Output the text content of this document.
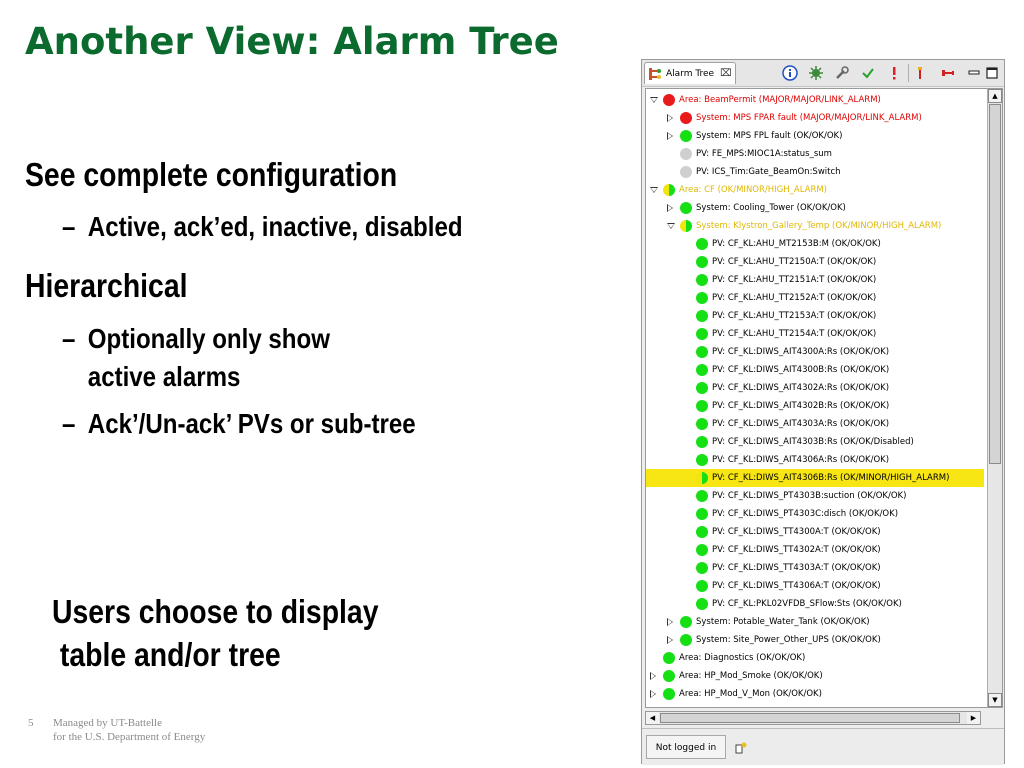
Another View: Alarm Tree
See complete configuration
– Active, ack’ed, inactive, disabled
Hierarchical
– Optionally only show
active alarms
– Ack’/Un-ack’ PVs or sub-tree
Users choose to display
table and/or tree
5 Managed by UT-Battelle
for the U.S. Department of Energy
Alarm Tree ⌧
Area: BeamPermit (MAJOR/MAJOR/LINK_ALARM)
System: MPS FPAR fault (MAJOR/MAJOR/LINK_ALARM)
System: MPS FPL fault (OK/OK/OK)
PV: FE_MPS:MIOC1A:status_sum
PV: ICS_Tim:Gate_BeamOn:Switch
Area: CF (OK/MINOR/HIGH_ALARM)
System: Cooling_Tower (OK/OK/OK)
System: Klystron_Gallery_Temp (OK/MINOR/HIGH_ALARM)
PV: CF_KL:AHU_MT2153B:M (OK/OK/OK)
PV: CF_KL:AHU_TT2150A:T (OK/OK/OK)
PV: CF_KL:AHU_TT2151A:T (OK/OK/OK)
PV: CF_KL:AHU_TT2152A:T (OK/OK/OK)
PV: CF_KL:AHU_TT2153A:T (OK/OK/OK)
PV: CF_KL:AHU_TT2154A:T (OK/OK/OK)
PV: CF_KL:DIWS_AIT4300A:Rs (OK/OK/OK)
PV: CF_KL:DIWS_AIT4300B:Rs (OK/OK/OK)
PV: CF_KL:DIWS_AIT4302A:Rs (OK/OK/OK)
PV: CF_KL:DIWS_AIT4302B:Rs (OK/OK/OK)
PV: CF_KL:DIWS_AIT4303A:Rs (OK/OK/OK)
PV: CF_KL:DIWS_AIT4303B:Rs (OK/OK/Disabled)
PV: CF_KL:DIWS_AIT4306A:Rs (OK/OK/OK)
PV: CF_KL:DIWS_AIT4306B:Rs (OK/MINOR/HIGH_ALARM)
PV: CF_KL:DIWS_PT4303B:suction (OK/OK/OK)
PV: CF_KL:DIWS_PT4303C:disch (OK/OK/OK)
PV: CF_KL:DIWS_TT4300A:T (OK/OK/OK)
PV: CF_KL:DIWS_TT4302A:T (OK/OK/OK)
PV: CF_KL:DIWS_TT4303A:T (OK/OK/OK)
PV: CF_KL:DIWS_TT4306A:T (OK/OK/OK)
PV: CF_KL:PKL02VFDB_SFlow:Sts (OK/OK/OK)
System: Potable_Water_Tank (OK/OK/OK)
System: Site_Power_Other_UPS (OK/OK/OK)
Area: Diagnostics (OK/OK/OK)
Area: HP_Mod_Smoke (OK/OK/OK)
Area: HP_Mod_V_Mon (OK/OK/OK)
▲
▼
◀	▶
Not logged in
